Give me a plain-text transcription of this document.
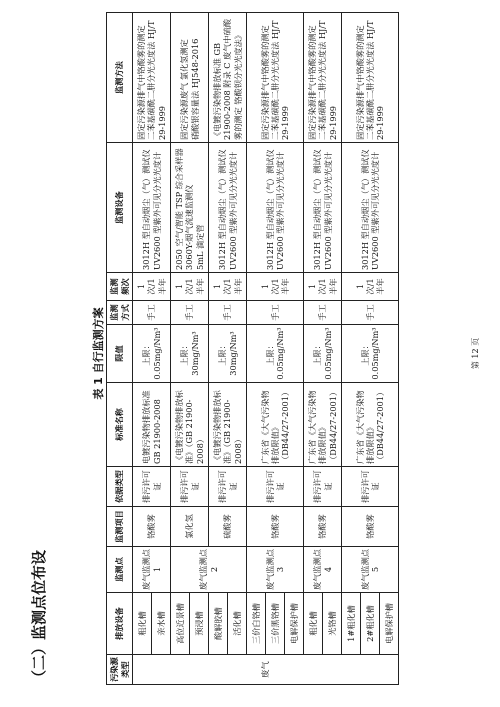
（二）监测点位布设
表 1 自行监测方案
污染源类型	排放设备	监测点	监测项目	依据类型	标准名称	限值	监测方式	监测频次	监测设备	监测方法
废气	粗化槽	废气监测点 1	铬酸雾	排污许可证	电镀污染物排放标准 GB 21900-2008	上限：0.05mg/Nm³	手工	1 次/1 半年	3012H 型自动烟尘（气）测试仪 UV2600 型紫外可见分光光度计	固定污染源排气中铬酸雾的测定
二苯基碳酰二肼分光光度法 HJ/T 29-1999
	亲水槽									
	高位近景槽	废气监测点 2	氯化氢	排污许可证	《电镀污染物排放标准》（GB 21900-2008）	上限：30mg/Nm³	手工	1 次/1 半年	2050 空气/智能 TSP 综合采样器
3060Y-烟气流速监测仪
5mL 滴定管	固定污染源废气 氯化氢测定
硝酸银容量法 HJ548-2016
	预浸槽									
	酸解胶槽		硫酸雾	排污许可证	《电镀污染物排放标准》（GB 21900-2008）	上限：30mg/Nm³	手工	1 次/1 半年	3012H 型自动烟尘（气）测试仪
UV2600 型紫外可见分光光度计	《电镀污染物排放标准 GB 21900-2008 附录 C 废气中硫酸雾的测定 铬酸钡分光光度法》
	活化槽									
	三价白铬槽	废气监测点 3	铬酸雾	排污许可证	广东省《大气污染物排放限值》（DB44/27-2001）	上限：0.05mg/Nm³	手工	1 次/1 半年	3012H 型自动烟尘（气）测试仪
UV2600 型紫外可见分光光度计	固定污染源排气中铬酸雾的测定
二苯基碳酰二肼分光光度法 HJ/T 29-1999
	三价黑铬槽									
	电解保护槽									
	粗化槽	废气监测点 4	铬酸雾	排污许可证	广东省《大气污染物排放限值》（DB44/27-2001）	上限：0.05mg/Nm³	手工	1 次/1 半年	3012H 型自动烟尘（气）测试仪
UV2600 型紫外可见分光光度计	固定污染源排气中铬酸雾的测定
二苯基碳酰二肼分光光度法 HJ/T 29-1999
	光铬槽									
	1#粗化槽	废气监测点 5	铬酸雾	排污许可证	广东省《大气污染物排放限值》（DB44/27-2001）	上限：0.05mg/Nm³	手工	1 次/1 半年	3012H 型自动烟尘（气）测试仪
UV2600 型紫外可见分光光度计	固定污染源排气中铬酸雾的测定
二苯基碳酰二肼分光光度法 HJ/T 29-1999
	2#粗化槽									
	电解保护槽									
第 12 页
